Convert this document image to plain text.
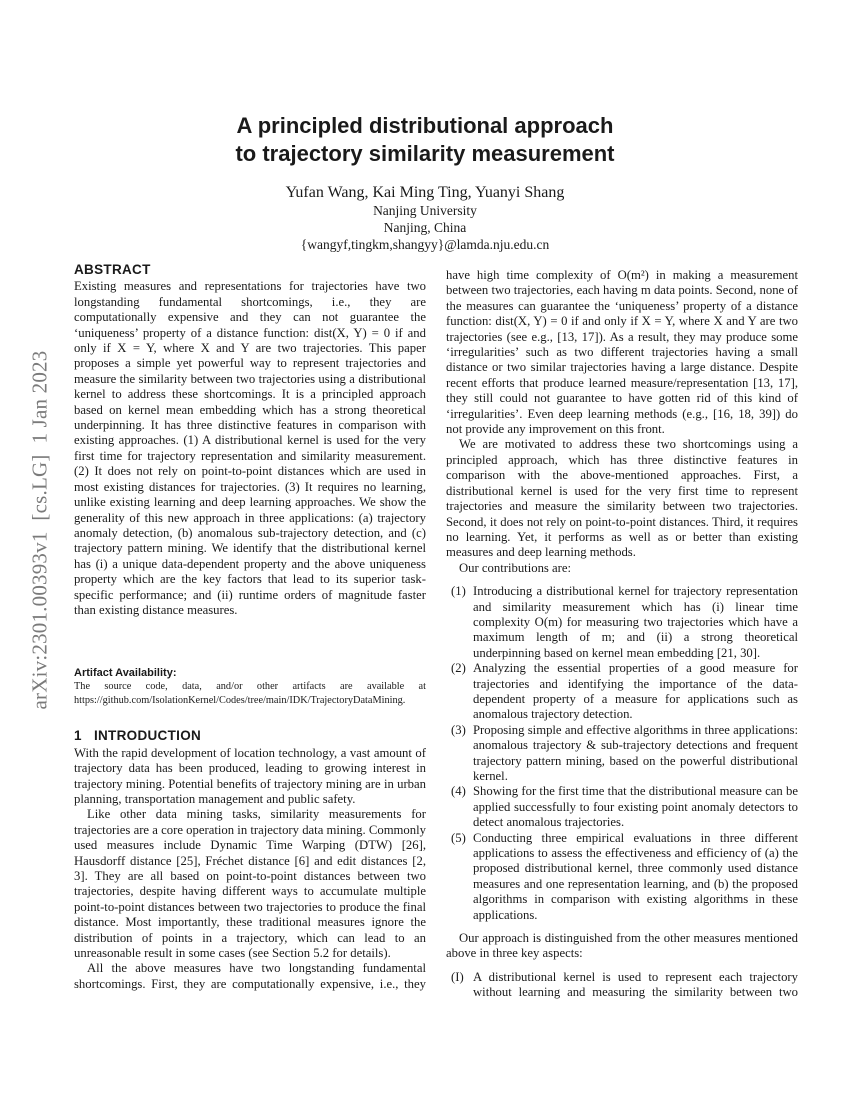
arXiv:2301.00393v1  [cs.LG]  1 Jan 2023
A principled distributional approach
to trajectory similarity measurement
Yufan Wang, Kai Ming Ting, Yuanyi Shang
Nanjing University
Nanjing, China
{wangyf,tingkm,shangyy}@lamda.nju.edu.cn
ABSTRACT

Existing measures and representations for trajectories have two longstanding fundamental shortcomings, i.e., they are computationally expensive and they can not guarantee the ‘uniqueness’ property of a distance function: dist(X, Y) = 0 if and only if X = Y, where X and Y are two trajectories. This paper proposes a simple yet powerful way to represent trajectories and measure the similarity between two trajectories using a distributional kernel to address these shortcomings. It is a principled approach based on kernel mean embedding which has a strong theoretical underpinning. It has three distinctive features in comparison with existing approaches. (1) A distributional kernel is used for the very first time for trajectory representation and similarity measurement. (2) It does not rely on point-to-point distances which are used in most existing distances for trajectories. (3) It requires no learning, unlike existing learning and deep learning approaches. We show the generality of this new approach in three applications: (a) trajectory anomaly detection, (b) anomalous sub-trajectory detection, and (c) trajectory pattern mining. We identify that the distributional kernel has (i) a unique data-dependent property and the above uniqueness property which are the key factors that lead to its superior task-specific performance; and (ii) runtime orders of magnitude faster than existing distance measures.

Artifact Availability:

The source code, data, and/or other artifacts are available at https://github.com/IsolationKernel/Codes/tree/main/IDK/TrajectoryDataMining.

1   INTRODUCTION

With the rapid development of location technology, a vast amount of trajectory data has been produced, leading to growing interest in trajectory mining. Potential benefits of trajectory mining are in urban planning, transportation management and public safety.

Like other data mining tasks, similarity measurements for trajectories are a core operation in trajectory data mining. Commonly used measures include Dynamic Time Warping (DTW) [26], Hausdorff distance [25], Fréchet distance [6] and edit distances [2, 3]. They are all based on point-to-point distances between two trajectories, despite having different ways to accumulate multiple point-to-point distances between two trajectories to produce the final distance. Most importantly, these traditional measures ignore the distribution of points in a trajectory, which can lead to an unreasonable result in some cases (see Section 5.2 for details).

All the above measures have two longstanding fundamental shortcomings. First, they are computationally expensive, i.e., they

have high time complexity of O(m²) in making a measurement between two trajectories, each having m data points. Second, none of the measures can guarantee the ‘uniqueness’ property of a distance function: dist(X, Y) = 0 if and only if X = Y, where X and Y are two trajectories (see e.g., [13, 17]). As a result, they may produce some ‘irregularities’ such as two different trajectories having a small distance or two similar trajectories having a large distance. Despite recent efforts that produce learned measure/representation [13, 17], they still could not guarantee to have gotten rid of this kind of ‘irregularities’. Even deep learning methods (e.g., [16, 18, 39]) do not provide any improvement on this front.

We are motivated to address these two shortcomings using a principled approach, which has three distinctive features in comparison with the above-mentioned approaches. First, a distributional kernel is used for the very first time to represent trajectories and measure the similarity between two trajectories. Second, it does not rely on point-to-point distances. Third, it requires no learning. Yet, it performs as well as or better than existing measures and deep learning methods.

Our contributions are:

(1) Introducing a distributional kernel for trajectory representation and similarity measurement which has (i) linear time complexity O(m) for measuring two trajectories which have a maximum length of m; and (ii) a strong theoretical underpinning based on kernel mean embedding [21, 30].
(2) Analyzing the essential properties of a good measure for trajectories and identifying the importance of the data-dependent property of a measure for applications such as anomalous trajectory detection.
(3) Proposing simple and effective algorithms in three applications: anomalous trajectory & sub-trajectory detections and frequent trajectory pattern mining, based on the powerful distributional kernel.
(4) Showing for the first time that the distributional measure can be applied successfully to four existing point anomaly detectors to detect anomalous trajectories.
(5) Conducting three empirical evaluations in three different applications to assess the effectiveness and efficiency of (a) the proposed distributional kernel, three commonly used distance measures and one representation learning, and (b) the proposed algorithms in comparison with existing algorithms in these applications.

Our approach is distinguished from the other measures mentioned above in three key aspects:

(I) A distributional kernel is used to represent each trajectory without learning and measuring the similarity between two
